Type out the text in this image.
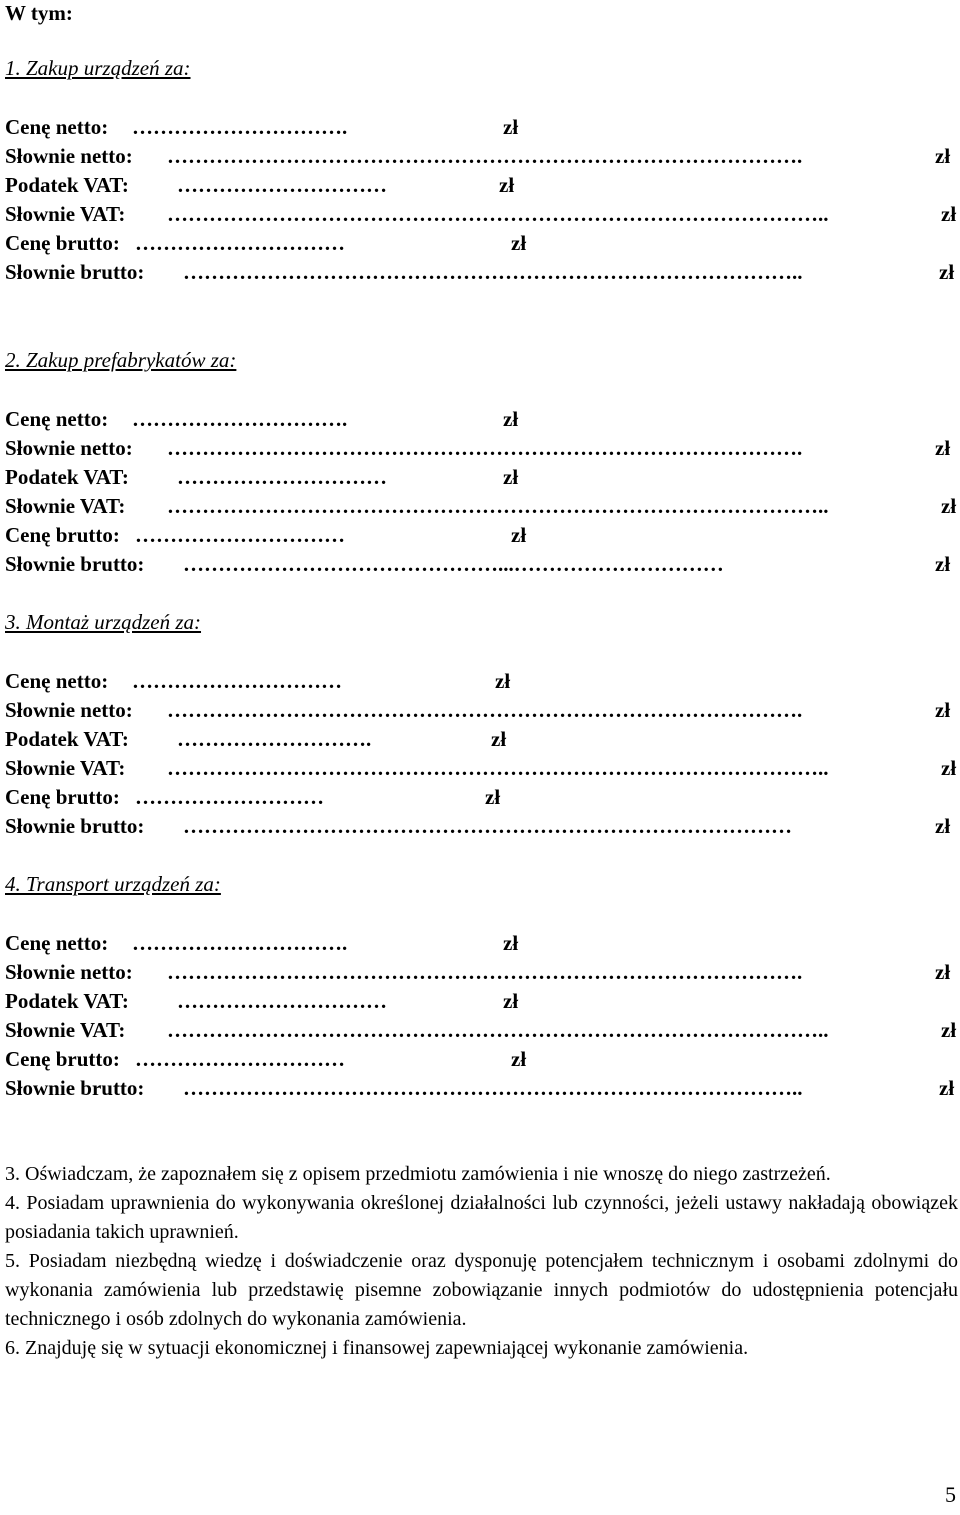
W tym:
1. Zakup urządzeń za:
Cenę netto: ………………………….	zł
Słownie netto: ……………………………………………………………………………….	zł
Podatek VAT: …………………………	zł
Słownie VAT: …………………………………………………………………………………..	zł
Cenę brutto: …………………………	zł
Słownie brutto: ……………………………………………………………………………..	zł
2. Zakup prefabrykatów za:
Cenę netto: ………………………….	zł
Słownie netto: ……………………………………………………………………………….	zł
Podatek VAT: …………………………	zł
Słownie VAT: …………………………………………………………………………………..	zł
Cenę brutto: …………………………	zł
Słownie brutto: ………………………………………...…………………………	zł
3. Montaż urządzeń za:
Cenę netto: …………………………	zł
Słownie netto: ……………………………………………………………………………….	zł
Podatek VAT: ……………………….	zł
Słownie VAT: …………………………………………………………………………………..	zł
Cenę brutto: ………………………	zł
Słownie brutto: ……………………………………………………………………………	zł
4. Transport urządzeń za:
Cenę netto: ………………………….	zł
Słownie netto: ……………………………………………………………………………….	zł
Podatek VAT: …………………………	zł
Słownie VAT: …………………………………………………………………………………..	zł
Cenę brutto: …………………………	zł
Słownie brutto: ……………………………………………………………………………..	zł

3. Oświadczam, że zapoznałem się z opisem przedmiotu zamówienia i nie wnoszę do niego zastrzeżeń.

4. Posiadam uprawnienia do wykonywania określonej działalności lub czynności, jeżeli ustawy nakładają obowiązek posiadania takich uprawnień.

5. Posiadam niezbędną wiedzę i doświadczenie oraz dysponuję potencjałem technicznym i osobami zdolnymi do wykonania zamówienia lub przedstawię pisemne zobowiązanie innych podmiotów do udostępnienia potencjału technicznego i osób zdolnych do wykonania zamówienia.

6. Znajduję się w sytuacji ekonomicznej i finansowej zapewniającej wykonanie zamówienia.

5
